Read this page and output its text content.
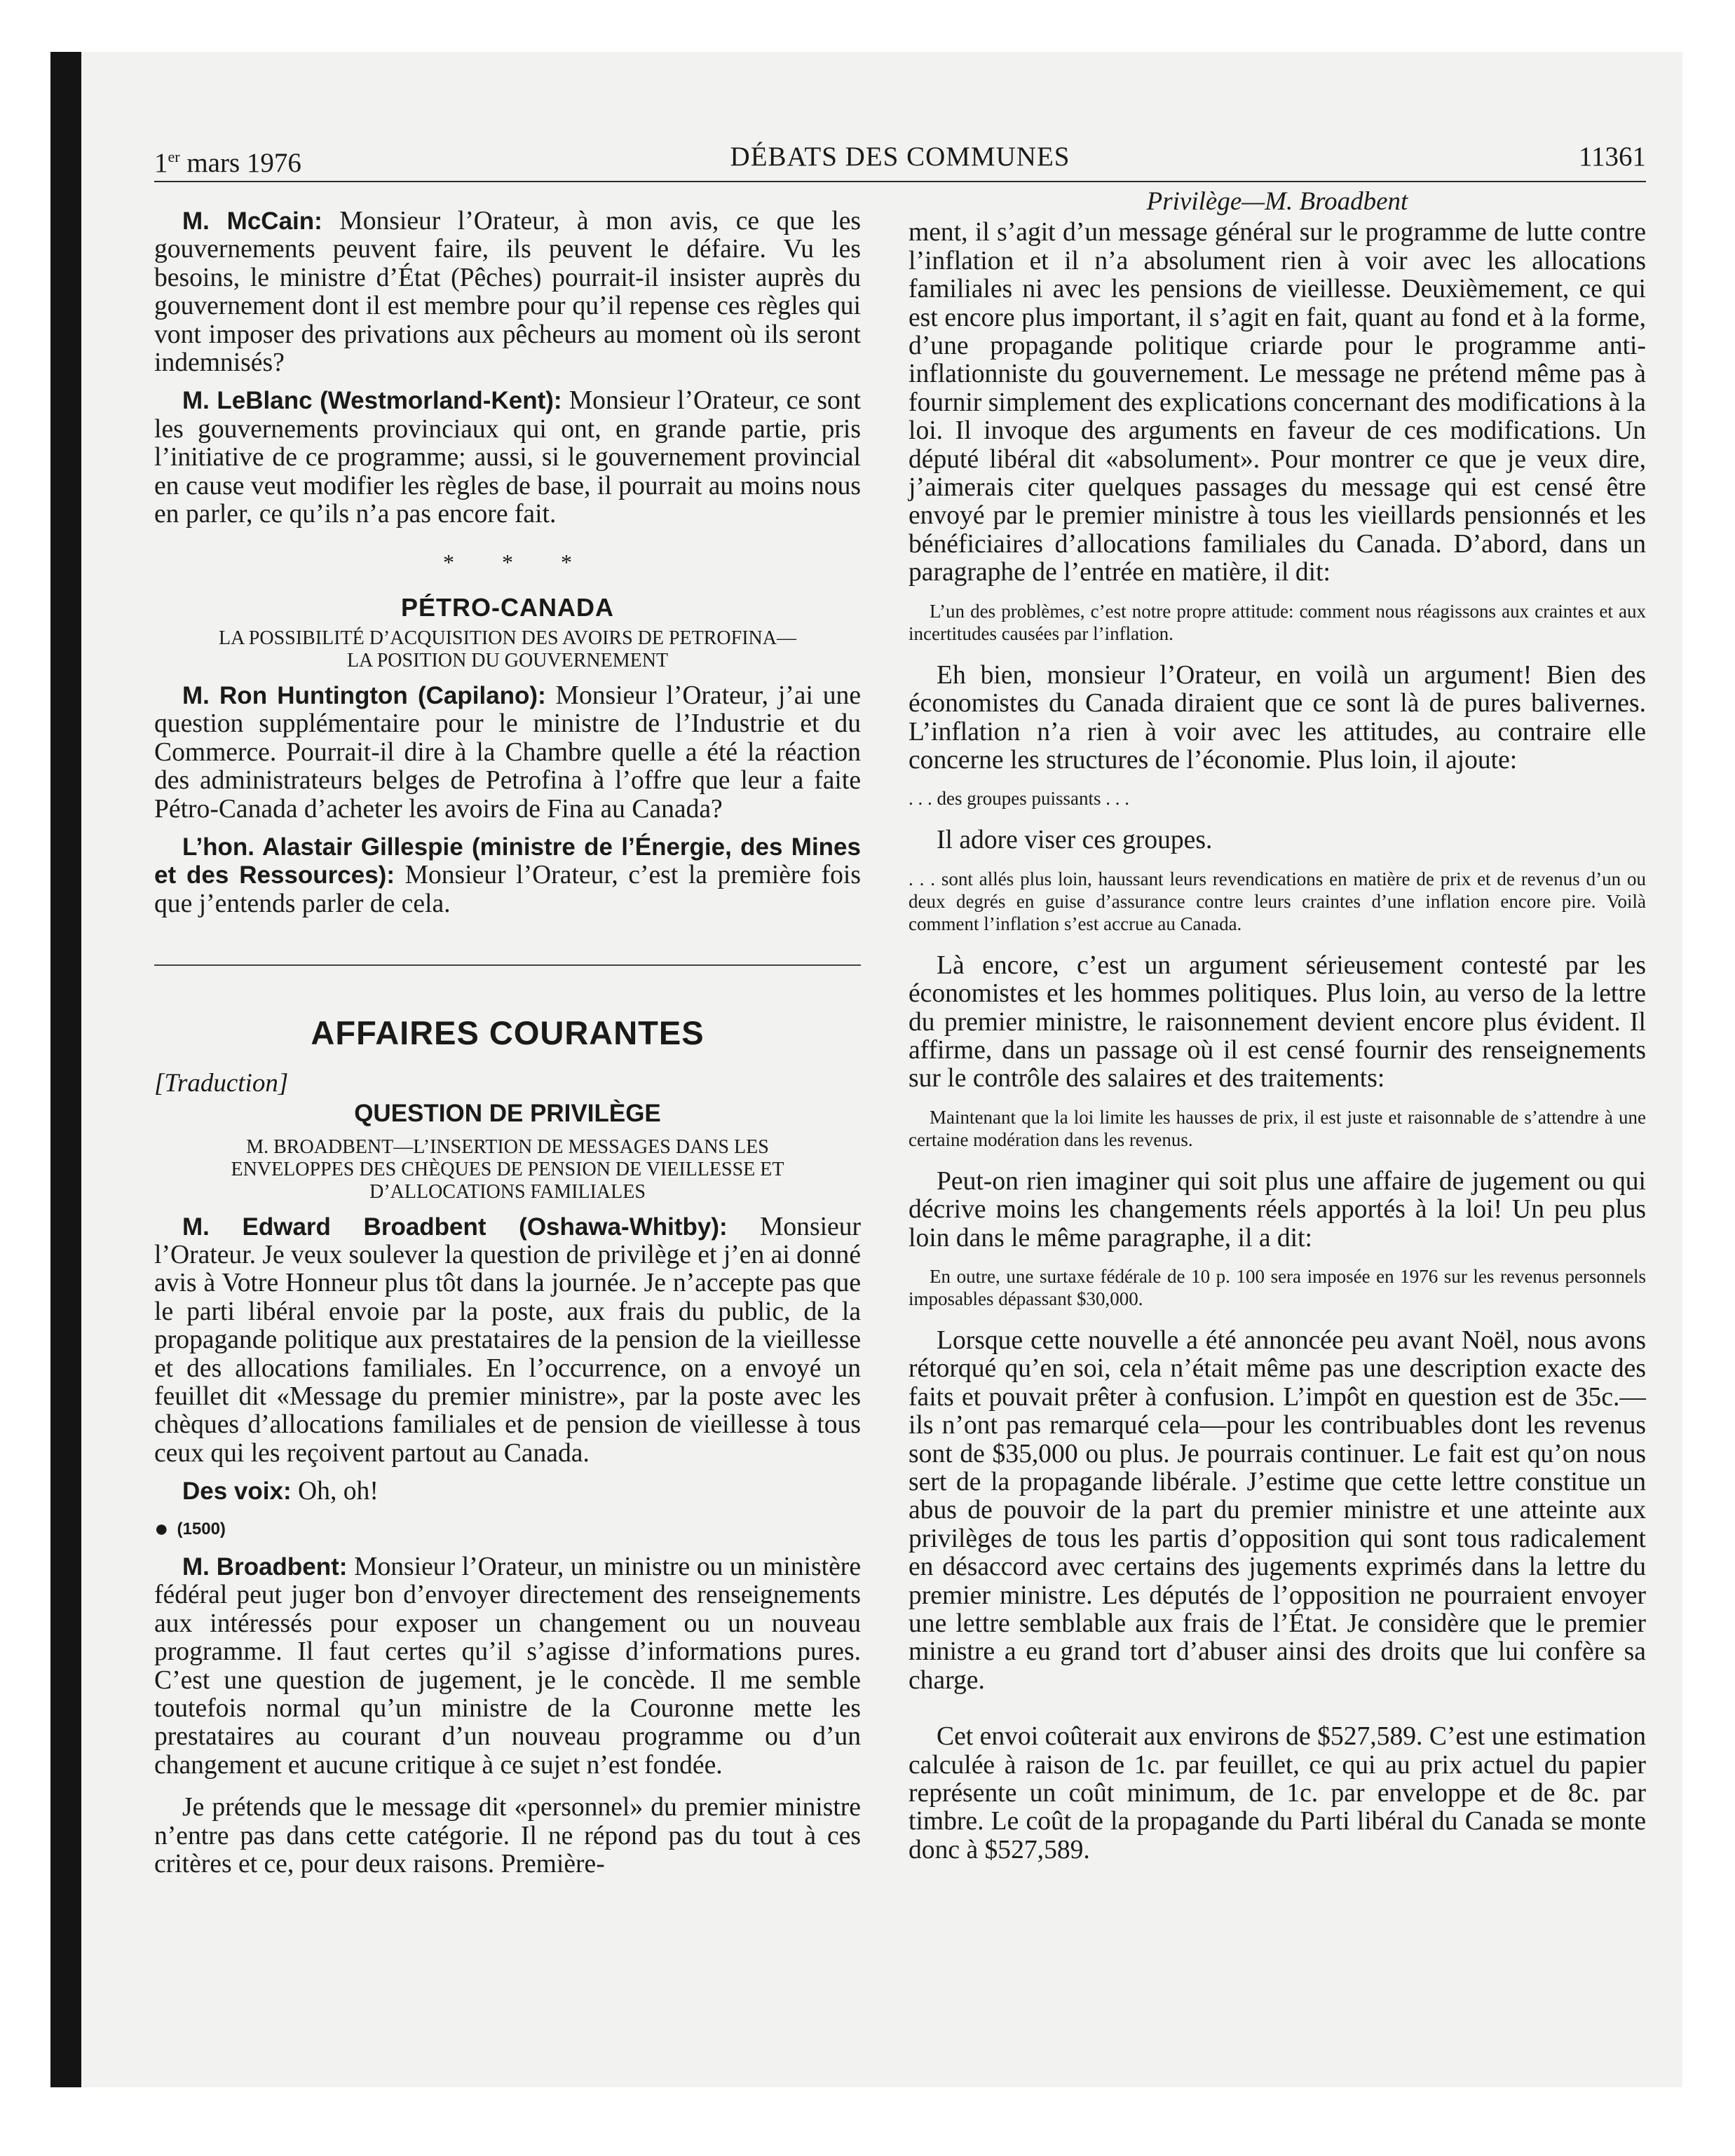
1er mars 1976	DÉBATS DES COMMUNES	11361

M. McCain: Monsieur l’Orateur, à mon avis, ce que les gouvernements peuvent faire, ils peuvent le défaire. Vu les besoins, le ministre d’État (Pêches) pourrait-il insister auprès du gouvernement dont il est membre pour qu’il repense ces règles qui vont imposer des privations aux pêcheurs au moment où ils seront indemnisés?

M. LeBlanc (Westmorland-Kent): Monsieur l’Orateur, ce sont les gouvernements provinciaux qui ont, en grande partie, pris l’initiative de ce programme; aussi, si le gouvernement provincial en cause veut modifier les règles de base, il pourrait au moins nous en parler, ce qu’ils n’a pas encore fait.

* * *
PÉTRO-CANADA
LA POSSIBILITÉ D’ACQUISITION DES AVOIRS DE PETROFINA—
LA POSITION DU GOUVERNEMENT

M. Ron Huntington (Capilano): Monsieur l’Orateur, j’ai une question supplémentaire pour le ministre de l’Industrie et du Commerce. Pourrait-il dire à la Chambre quelle a été la réaction des administrateurs belges de Petrofina à l’offre que leur a faite Pétro-Canada d’acheter les avoirs de Fina au Canada?

L’hon. Alastair Gillespie (ministre de l’Énergie, des Mines et des Ressources): Monsieur l’Orateur, c’est la première fois que j’entends parler de cela.

AFFAIRES COURANTES
[Traduction]
QUESTION DE PRIVILÈGE
M. BROADBENT—L’INSERTION DE MESSAGES DANS LES
ENVELOPPES DES CHÈQUES DE PENSION DE VIEILLESSE ET
D’ALLOCATIONS FAMILIALES

M. Edward Broadbent (Oshawa-Whitby): Monsieur l’Orateur. Je veux soulever la question de privilège et j’en ai donné avis à Votre Honneur plus tôt dans la journée. Je n’accepte pas que le parti libéral envoie par la poste, aux frais du public, de la propagande politique aux prestataires de la pension de la vieillesse et des allocations familiales. En l’occurrence, on a envoyé un feuillet dit «Message du premier ministre», par la poste avec les chèques d’allocations familiales et de pension de vieillesse à tous ceux qui les reçoivent partout au Canada.

Des voix: Oh, oh!

● (1500)

M. Broadbent: Monsieur l’Orateur, un ministre ou un ministère fédéral peut juger bon d’envoyer directement des renseignements aux intéressés pour exposer un changement ou un nouveau programme. Il faut certes qu’il s’agisse d’informations pures. C’est une question de jugement, je le concède. Il me semble toutefois normal qu’un ministre de la Couronne mette les prestataires au courant d’un nouveau programme ou d’un changement et aucune critique à ce sujet n’est fondée.

Je prétends que le message dit «personnel» du premier ministre n’entre pas dans cette catégorie. Il ne répond pas du tout à ces critères et ce, pour deux raisons. Première-

Privilège—M. Broadbent

ment, il s’agit d’un message général sur le programme de lutte contre l’inflation et il n’a absolument rien à voir avec les allocations familiales ni avec les pensions de vieillesse. Deuxièmement, ce qui est encore plus important, il s’agit en fait, quant au fond et à la forme, d’une propagande politique criarde pour le programme anti-inflationniste du gouvernement. Le message ne prétend même pas à fournir simplement des explications concernant des modifications à la loi. Il invoque des arguments en faveur de ces modifications. Un député libéral dit «absolument». Pour montrer ce que je veux dire, j’aimerais citer quelques passages du message qui est censé être envoyé par le premier ministre à tous les vieillards pensionnés et les bénéficiaires d’allocations familiales du Canada. D’abord, dans un paragraphe de l’entrée en matière, il dit:

L’un des problèmes, c’est notre propre attitude: comment nous réagissons aux craintes et aux incertitudes causées par l’inflation.

Eh bien, monsieur l’Orateur, en voilà un argument! Bien des économistes du Canada diraient que ce sont là de pures balivernes. L’inflation n’a rien à voir avec les attitudes, au contraire elle concerne les structures de l’économie. Plus loin, il ajoute:

. . . des groupes puissants . . .

Il adore viser ces groupes.

. . . sont allés plus loin, haussant leurs revendications en matière de prix et de revenus d’un ou deux degrés en guise d’assurance contre leurs craintes d’une inflation encore pire. Voilà comment l’inflation s’est accrue au Canada.

Là encore, c’est un argument sérieusement contesté par les économistes et les hommes politiques. Plus loin, au verso de la lettre du premier ministre, le raisonnement devient encore plus évident. Il affirme, dans un passage où il est censé fournir des renseignements sur le contrôle des salaires et des traitements:

Maintenant que la loi limite les hausses de prix, il est juste et raisonnable de s’attendre à une certaine modération dans les revenus.

Peut-on rien imaginer qui soit plus une affaire de jugement ou qui décrive moins les changements réels apportés à la loi! Un peu plus loin dans le même paragraphe, il a dit:

En outre, une surtaxe fédérale de 10 p. 100 sera imposée en 1976 sur les revenus personnels imposables dépassant $30,000.

Lorsque cette nouvelle a été annoncée peu avant Noël, nous avons rétorqué qu’en soi, cela n’était même pas une description exacte des faits et pouvait prêter à confusion. L’impôt en question est de 35c.—ils n’ont pas remarqué cela—pour les contribuables dont les revenus sont de $35,000 ou plus. Je pourrais continuer. Le fait est qu’on nous sert de la propagande libérale. J’estime que cette lettre constitue un abus de pouvoir de la part du premier ministre et une atteinte aux privilèges de tous les partis d’opposition qui sont tous radicalement en désaccord avec certains des jugements exprimés dans la lettre du premier ministre. Les députés de l’opposition ne pourraient envoyer une lettre semblable aux frais de l’État. Je considère que le premier ministre a eu grand tort d’abuser ainsi des droits que lui confère sa charge.

Cet envoi coûterait aux environs de $527,589. C’est une estimation calculée à raison de 1c. par feuillet, ce qui au prix actuel du papier représente un coût minimum, de 1c. par enveloppe et de 8c. par timbre. Le coût de la propagande du Parti libéral du Canada se monte donc à $527,589.
